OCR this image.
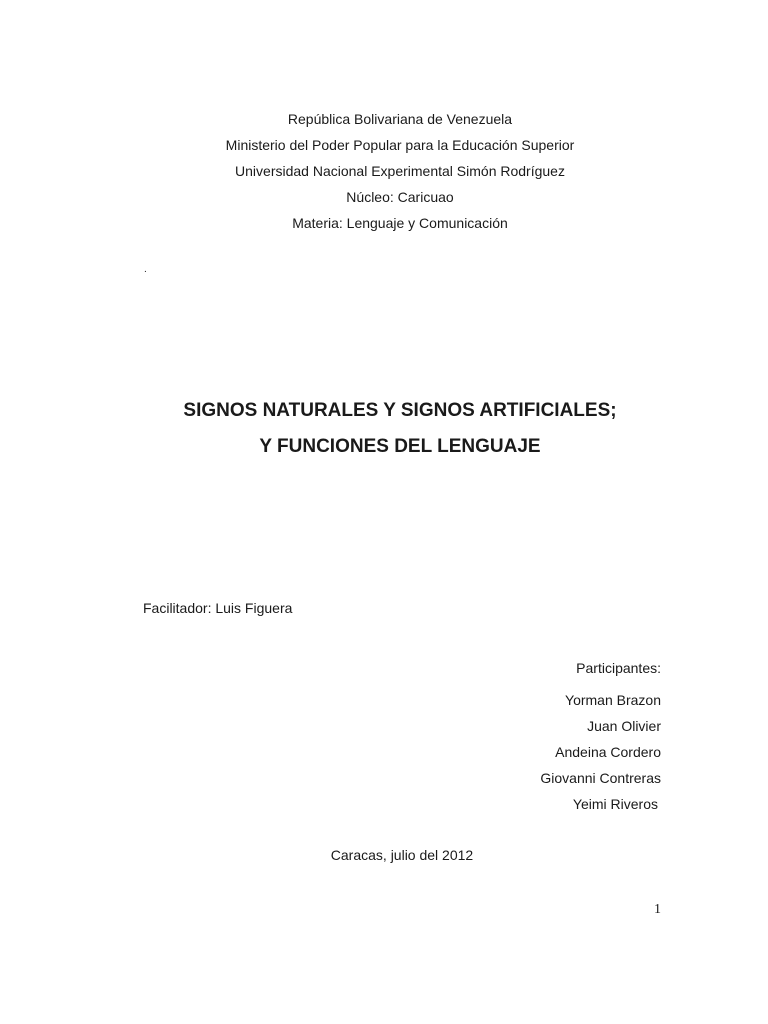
República Bolivariana de Venezuela
Ministerio del Poder Popular para la Educación Superior
Universidad Nacional Experimental Simón Rodríguez
Núcleo: Caricuao
Materia: Lenguaje y Comunicación
.
SIGNOS NATURALES Y SIGNOS ARTIFICIALES;
Y FUNCIONES DEL LENGUAJE
Facilitador: Luis Figuera
Participantes:
Yorman Brazon
Juan Olivier
Andeina Cordero
Giovanni Contreras
Yeimi Riveros
Caracas, julio del 2012
1
